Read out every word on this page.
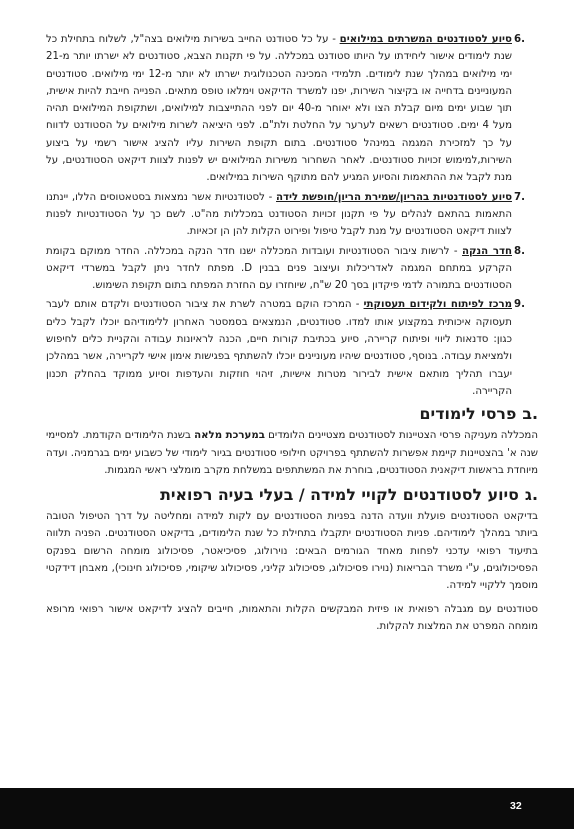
6.
סיוע לסטודנטים המשרתים במילואים - על כל סטודנט החייב בשירות מילואים בצה"ל, לשלוח בתחילת כל שנת לימודים אישור ליחידתו על היותו סטודנט במכללה. על פי תקנות הצבא, סטודנטים לא ישרתו יותר מ-21 ימי מילואים במהלך שנת לימודים. תלמידי המכינה הטכנולוגית ישרתו לא יותר מ-12 ימי מילואים. סטודנטים המעוניינים בדחייה או בקיצור השירות, יפנו למשרד הדיקאט וימלאו טופס מתאים. הפנייה חייבת להיות אישית, תוך שבוע ימים מיום קבלת הצו ולא יאוחר מ-40 יום לפני ההתייצבות למילואים, ושתקופת המילואים תהיה מעל 4 ימים. סטודנטים רשאים לערער על החלטת ולת"ם. לפני היציאה לשרות מילואים על הסטודנט לדווח על כך למזכירת המגמה במינהל סטודנטים. בתום תקופת השירות עליו להציג אישור רשמי על ביצוע השירות,למימוש זכויות סטודנטים. לאחר השחרור משירות המילואים יש לפנות לצוות דיקאט הסטודנטים, על מנת לקבל את ההתאמות והסיוע המגיע להם מתוקף השירות במילואים.
7.
סיוע לסטודנטיות בהריון/שמירת הריון/חופשת לידה - לסטודנטיות אשר נמצאות בסטאטוסים הללו, יינתנו התאמות בהתאם לנהלים על פי תקנון זכויות הסטודנט במכללות מה"ט. לשם כך על הסטודנטיות לפנות לצוות דיקאט הסטודנטים על מנת לקבל טיפול ופירוט הקלות להן הן זכאיות.
8.
חדר הנקה - לרשות ציבור הסטודנטיות ועובדות המכללה ישנו חדר הנקה במכללה. החדר ממוקם בקומת הקרקע במתחם המגמה לאדריכלות ועיצוב פנים בבנין D. מפתח לחדר ניתן לקבל במשרדי דיקאט הסטודנטים בתמורה לדמי פיקדון בסך 20 ש"ח, שיוחזרו עם החזרת המפתח בתום תקופת השימוש.
9.
מרכז לפיתוח ולקידום תעסוקתי - המרכז הוקם במטרה לשרת את ציבור הסטודנטים ולקדם אותם לעבר תעסוקה איכותית במקצוע אותו למדו. סטודנטים, הנמצאים בסמסטר האחרון ללימודיהם יוכלו לקבל כלים כגון: סדנאות ליווי ופיתוח קריירה, סיוע בכתיבת קורות חיים, הכנה לראיונות עבודה והקניית כלים לחיפוש ולמציאת עבודה. בנוסף, סטודנטים שיהיו מעוניינים יוכלו להשתתף בפגישות אימון אישי לקריירה, אשר במהלכן יעברו תהליך מותאם אישית לבירור מטרות אישיות, זיהוי חוזקות והעדפות וסיוע ממוקד בהחלק תכנון הקריירה.
ב.
פרסי לימודים

המכללה מעניקה פרסי הצטיינות לסטודנטים מצטיינים הלומדים במערכת מלאה בשנת הלימודים הקודמת. למסיימי שנה א' בהצטיינות קיימת אפשרות להשתתף בפרויקט חילופי סטודנטים בגיור לימודי של כשבוע ימים בגרמניה. ועדה מיוחדת בראשות דיקאנית הסטודנטים, בוחרת את המשתתפים במשלחת מקרב מומלצי ראשי המגמות.

ג.
סיוע לסטודנטים לקויי למידה / בעלי בעיה רפואית

בדיקאט הסטודנטים פועלת וועדה הדנה בפניות הסטודנטים עם לקות למידה ומחליטה על דרך הטיפול הטובה ביותר במהלך לימודיהם. פניות הסטודנטים יתקבלו בתחילת כל שנת הלימודים, בדיקאט הסטודנטים. הפניה תלווה בתיעוד רפואי עדכני לפחות מאחד הגורמים הבאים: נוירולוג, פסיכיאטר, פסיכולוג מומחה הרשום בפנקס הפסיכולוגים, ע"י משרד הבריאות (נוירו פסיכולוג, פסיכולוג קליני, פסיכולוג שיקומי, פסיכולוג חינוכי), מאבחן דידקטי מוסמך ללקויי למידה.

סטודנטים עם מגבלה רפואית או פיזית המבקשים הקלות והתאמות, חייבים להציג לדיקאט אישור רפואי מרופא מומחה המפרט את המלצות להקלות.

32
